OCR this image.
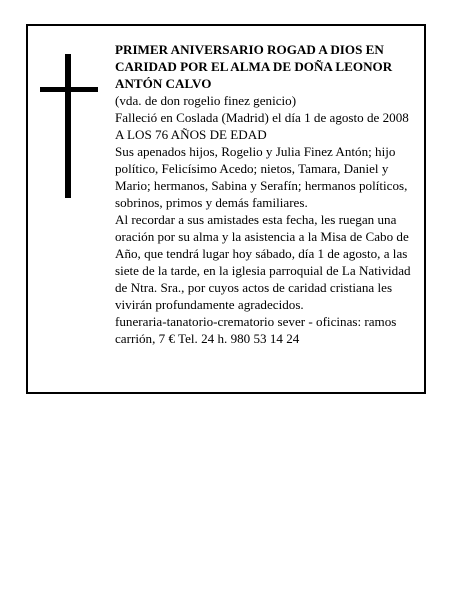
PRIMER ANIVERSARIO ROGAD A DIOS EN CARIDAD POR EL ALMA DE DOÑA LEONOR ANTÓN CALVO

(vda. de don rogelio finez genicio)

Falleció en Coslada (Madrid) el día 1 de agosto de 2008

A LOS 76 AÑOS DE EDAD

Sus apenados hijos, Rogelio y Julia Finez Antón; hijo político, Felicísimo Acedo; nietos, Tamara, Daniel y Mario; hermanos, Sabina y Serafín; hermanos políticos, sobrinos, primos y demás familiares.

Al recordar a sus amistades esta fecha, les ruegan una oración por su alma y la asistencia a la Misa de Cabo de Año, que tendrá lugar hoy sábado, día 1 de agosto, a las siete de la tarde, en la iglesia parroquial de La Natividad de Ntra. Sra., por cuyos actos de caridad cristiana les vivirán profundamente agradecidos.

funeraria-tanatorio-crematorio sever - oficinas: ramos carrión, 7 € Tel. 24 h. 980 53 14 24
